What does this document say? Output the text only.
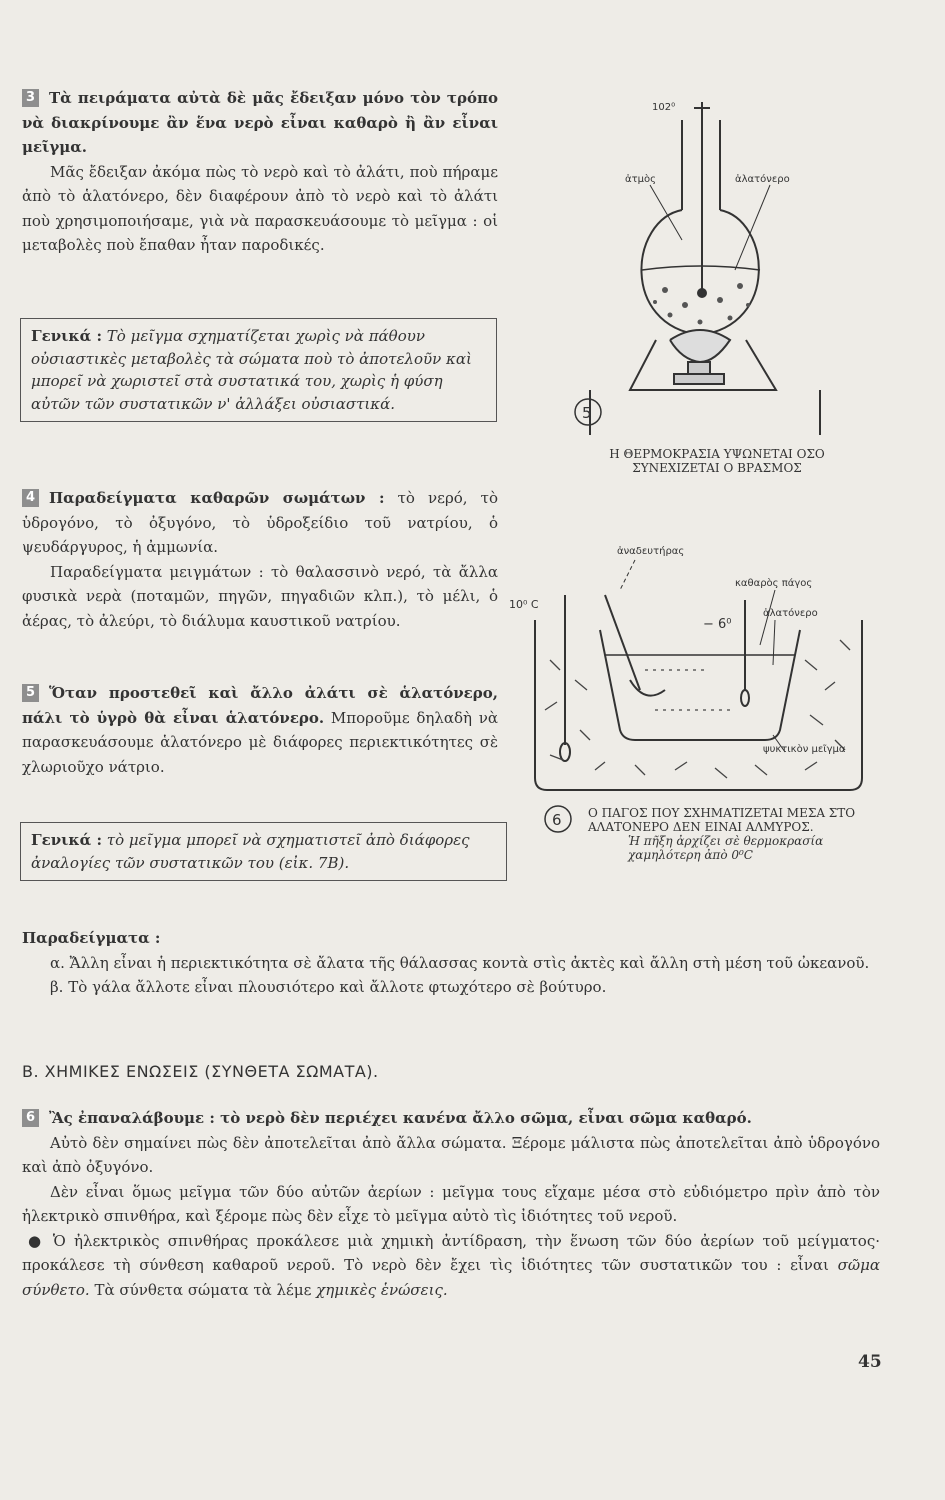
3 Τὰ πειράματα αὐτὰ δὲ μᾶς ἔδειξαν μόνο τὸν τρόπο νὰ διακρίνουμε ἂν ἕνα νερὸ εἶναι καθαρὸ ἢ ἂν εἶναι μεῖγμα.

Μᾶς ἔδειξαν ἀκόμα πὼς τὸ νερὸ καὶ τὸ ἀλάτι, ποὺ πήραμε ἀπὸ τὸ ἁλατόνερο, δὲν διαφέρουν ἀπὸ τὸ νερὸ καὶ τὸ ἀλάτι ποὺ χρησιμοποιήσαμε, γιὰ νὰ παρασκευάσουμε τὸ μεῖγμα : οἱ μεταβολὲς ποὺ ἔπαθαν ἦταν παροδικές.

Γενικά : Τὸ μεῖγμα σχηματίζεται χωρὶς νὰ πάθουν οὐσιαστικὲς μεταβολὲς τὰ σώματα ποὺ τὸ ἀποτελοῦν καὶ μπορεῖ νὰ χωριστεῖ στὰ συστατικά του, χωρὶς ἡ φύση αὐτῶν τῶν συστατικῶν ν' ἀλλάξει οὐσιαστικά.

4 Παραδείγματα καθαρῶν σωμάτων : τὸ νερό, τὸ ὑδρογόνο, τὸ ὀξυγόνο, τὸ ὑδροξείδιο τοῦ νατρίου, ὁ ψευδάργυρος, ἡ ἀμμωνία.

Παραδείγματα μειγμάτων : τὸ θαλασσινὸ νερό, τὰ ἄλλα φυσικὰ νερὰ (ποταμῶν, πηγῶν, πηγαδιῶν κλπ.), τὸ μέλι, ὁ ἀέρας, τὸ ἀλεύρι, τὸ διάλυμα καυστικοῦ νατρίου.

5 Ὅταν προστεθεῖ καὶ ἄλλο ἀλάτι σὲ ἁλατόνερο, πάλι τὸ ὑγρὸ θὰ εἶναι ἁλατόνερο. Μποροῦμε δηλαδὴ νὰ παρασκευάσουμε ἁλατόνερο μὲ διάφορες περιεκτικότητες σὲ χλωριοῦχο νάτριο.

Γενικά : τὸ μεῖγμα μπορεῖ νὰ σχηματιστεῖ ἀπὸ διάφορες ἀναλογίες τῶν συστατικῶν του (εἰκ. 7Β).

Παραδείγματα :

α. Ἄλλη εἶναι ἡ περιεκτικότητα σὲ ἄλατα τῆς θάλασσας κοντὰ στὶς ἀκτὲς καὶ ἄλλη στὴ μέση τοῦ ὠκεανοῦ.

β. Τὸ γάλα ἄλλοτε εἶναι πλουσιότερο καὶ ἄλλοτε φτωχότερο σὲ βούτυρο.

Β. ΧΗΜΙΚΕΣ ΕΝΩΣΕΙΣ (ΣΥΝΘΕΤΑ ΣΩΜΑΤΑ).

6 Ἂς ἐπαναλάβουμε : τὸ νερὸ δὲν περιέχει κανένα ἄλλο σῶμα, εἶναι σῶμα καθαρό.

Αὐτὸ δὲν σημαίνει πὼς δὲν ἀποτελεῖται ἀπὸ ἄλλα σώματα. Ξέρομε μάλιστα πὼς ἀποτελεῖται ἀπὸ ὑδρογόνο καὶ ἀπὸ ὀξυγόνο.

Δὲν εἶναι ὅμως μεῖγμα τῶν δύο αὐτῶν ἀερίων : μεῖγμα τους εἴχαμε μέσα στὸ εὐδιόμετρο πρὶν ἀπὸ τὸν ἠλεκτρικὸ σπινθήρα, καὶ ξέρομε πὼς δὲν εἶχε τὸ μεῖγμα αὐτὸ τὶς ἰδιότητες τοῦ νεροῦ.

● Ὁ ἠλεκτρικὸς σπινθήρας προκάλεσε μιὰ χημικὴ ἀντίδραση, τὴν ἕνωση τῶν δύο ἀερίων τοῦ μείγματος· προκάλεσε τὴ σύνθεση καθαροῦ νεροῦ. Τὸ νερὸ δὲν ἔχει τὶς ἰδιότητες τῶν συστατικῶν του : εἶναι σῶμα σύνθετο. Τὰ σύνθετα σώματα τὰ λέμε χημικὲς ἑνώσεις.

102⁰
ἀτμὸς	ἁλατόνερο
5
Η ΘΕΡΜΟΚΡΑΣΙΑ ΥΨΩΝΕΤΑΙ ΟΣΟ ΣΥΝΕΧΙΖΕΤΑΙ Ο ΒΡΑΣΜΟΣ
ἀναδευτήρας
καθαρὸς πάγος
ἁλατόνερο
10⁰ C
− 6⁰
ψυκτικὸν μεῖγμα
6 Ο ΠΑΓΟΣ ΠΟΥ ΣΧΗΜΑΤΙΖΕΤΑΙ ΜΕΣΑ ΣΤΟ ΑΛΑΤΟΝΕΡΟ ΔΕΝ ΕΙΝΑΙ ΑΛΜΥΡΟΣ.
Ἡ πῆξη ἀρχίζει σὲ θερμοκρασία χαμηλότερη ἀπὸ 0⁰C
45
